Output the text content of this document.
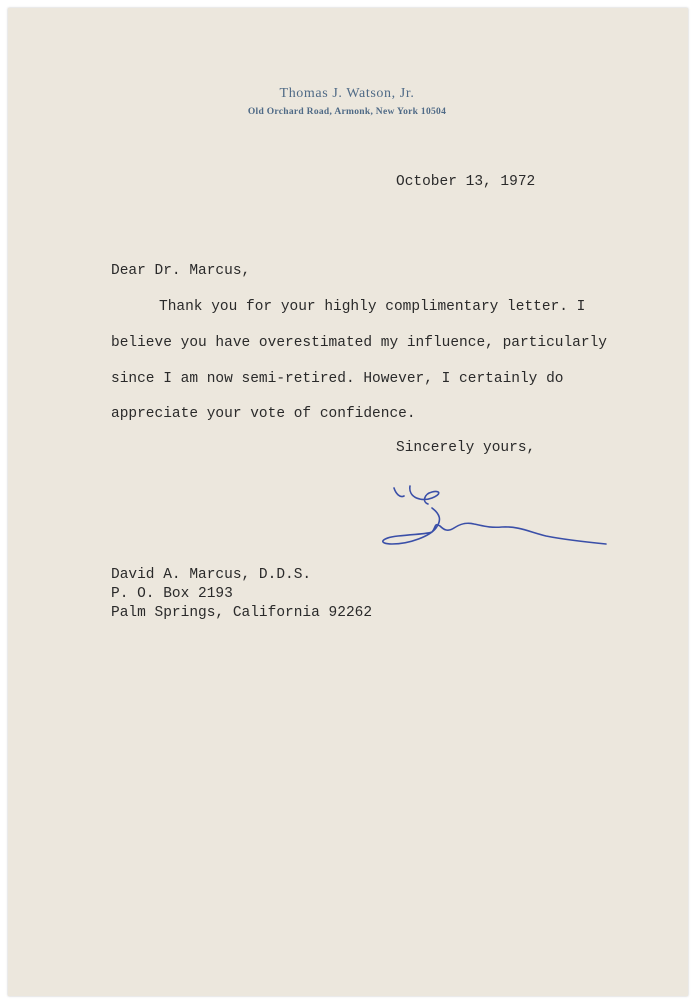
Thomas J. Watson, Jr.
Old Orchard Road, Armonk, New York 10504
October 13, 1972
Dear Dr. Marcus,
Thank you for your highly complimentary letter. I
believe you have overestimated my influence, particularly
since I am now semi-retired. However, I certainly do
appreciate your vote of confidence.
Sincerely yours,
David A. Marcus, D.D.S.
P. O. Box 2193
Palm Springs, California 92262
